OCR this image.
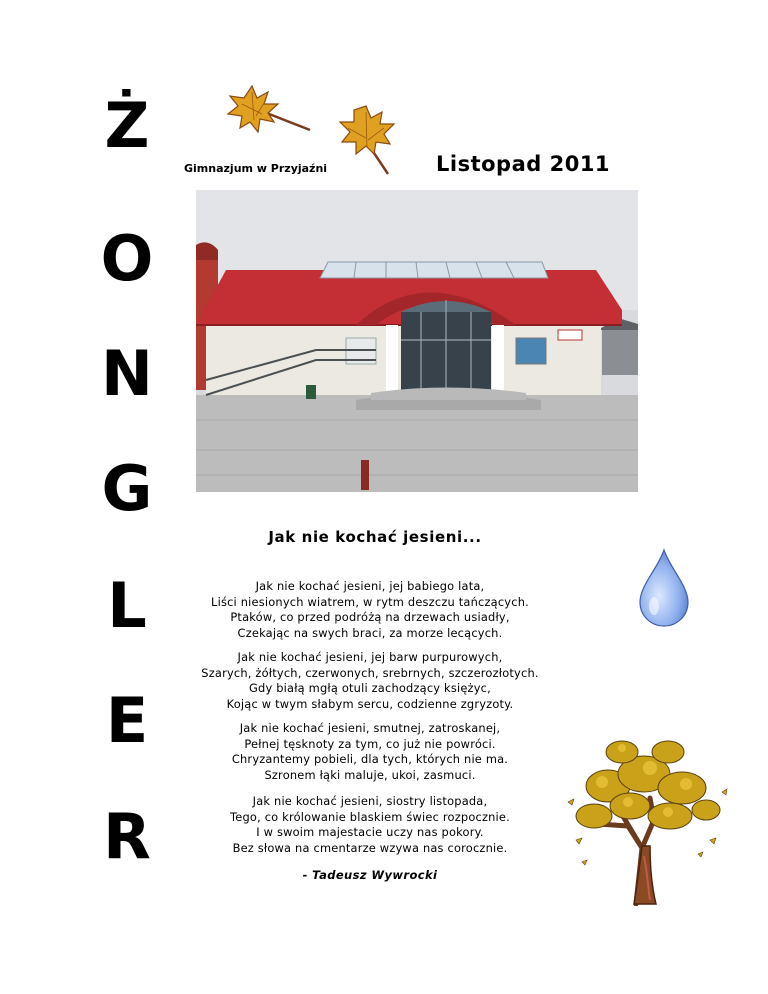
Ż
O
N
G
L
E
R
Gimnazjum w Przyjaźni	Listopad 2011
Jak nie kochać jesieni...
Jak nie kochać jesieni, jej babiego lata,
Liści niesionych wiatrem, w rytm deszczu tańczących.
Ptaków, co przed podróżą na drzewach usiadły,
Czekając na swych braci, za morze lecących.
Jak nie kochać jesieni, jej barw purpurowych,
Szarych, żółtych, czerwonych, srebrnych, szczerozłotych.
Gdy białą mgłą otuli zachodzący księżyc,
Kojąc w twym słabym sercu, codzienne zgryzoty.
Jak nie kochać jesieni, smutnej, zatroskanej,
Pełnej tęsknoty za tym, co już nie powróci.
Chryzantemy pobieli, dla tych, których nie ma.
Szronem łąki maluje, ukoi, zasmuci.
Jak nie kochać jesieni, siostry listopada,
Tego, co królowanie blaskiem świec rozpocznie.
I w swoim majestacie uczy nas pokory.
Bez słowa na cmentarze wzywa nas corocznie.
- Tadeusz Wywrocki
